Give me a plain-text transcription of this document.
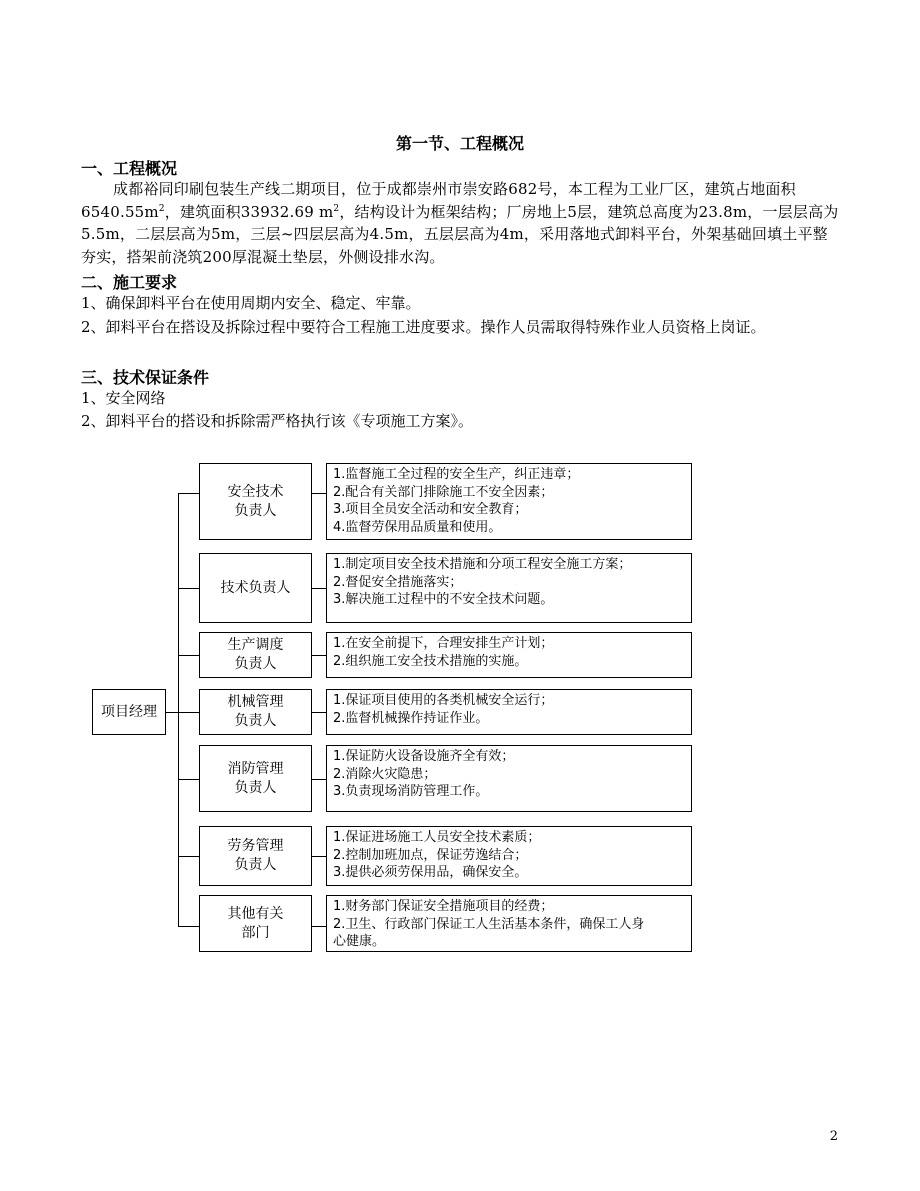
第一节、工程概况
一、工程概况
成都裕同印刷包装生产线二期项目，位于成都崇州市崇安路682号，本工程为工业厂区，建筑占地面积$6540.55m^2$，建筑面积33932.69 $m^2$，结构设计为框架结构；厂房地上5层，建筑总高度为23.8m，一层层高为5.5m，二层层高为5m，三层~四层层高为4.5m，五层层高为4m，采用落地式卸料平台，外架基础回填土平整夯实，搭架前浇筑200厚混凝土垫层，外侧设排水沟。
二、施工要求
1、确保卸料平台在使用周期内安全、稳定、牢靠。
2、卸料平台在搭设及拆除过程中要符合工程施工进度要求。操作人员需取得特殊作业人员资格上岗证。
三、技术保证条件
1、安全网络
2、卸料平台的搭设和拆除需严格执行该《专项施工方案》。
项目经理
安全技术
负责人
1.监督施工全过程的安全生产，纠正违章；
2.配合有关部门排除施工不安全因素；
3.项目全员安全活动和安全教育；
4.监督劳保用品质量和使用。
技术负责人
1.制定项目安全技术措施和分项工程安全施工方案；
2.督促安全措施落实；
3.解决施工过程中的不安全技术问题。
生产调度
负责人
1.在安全前提下，合理安排生产计划；
2.组织施工安全技术措施的实施。
机械管理
负责人
1.保证项目使用的各类机械安全运行；
2.监督机械操作持证作业。
消防管理
负责人
1.保证防火设备设施齐全有效；
2.消除火灾隐患；
3.负责现场消防管理工作。
劳务管理
负责人
1.保证进场施工人员安全技术素质；
2.控制加班加点，保证劳逸结合；
3.提供必须劳保用品，确保安全。
其他有关
部门
1.财务部门保证安全措施项目的经费；
2.卫生、行政部门保证工人生活基本条件，确保工人身
心健康。
2
